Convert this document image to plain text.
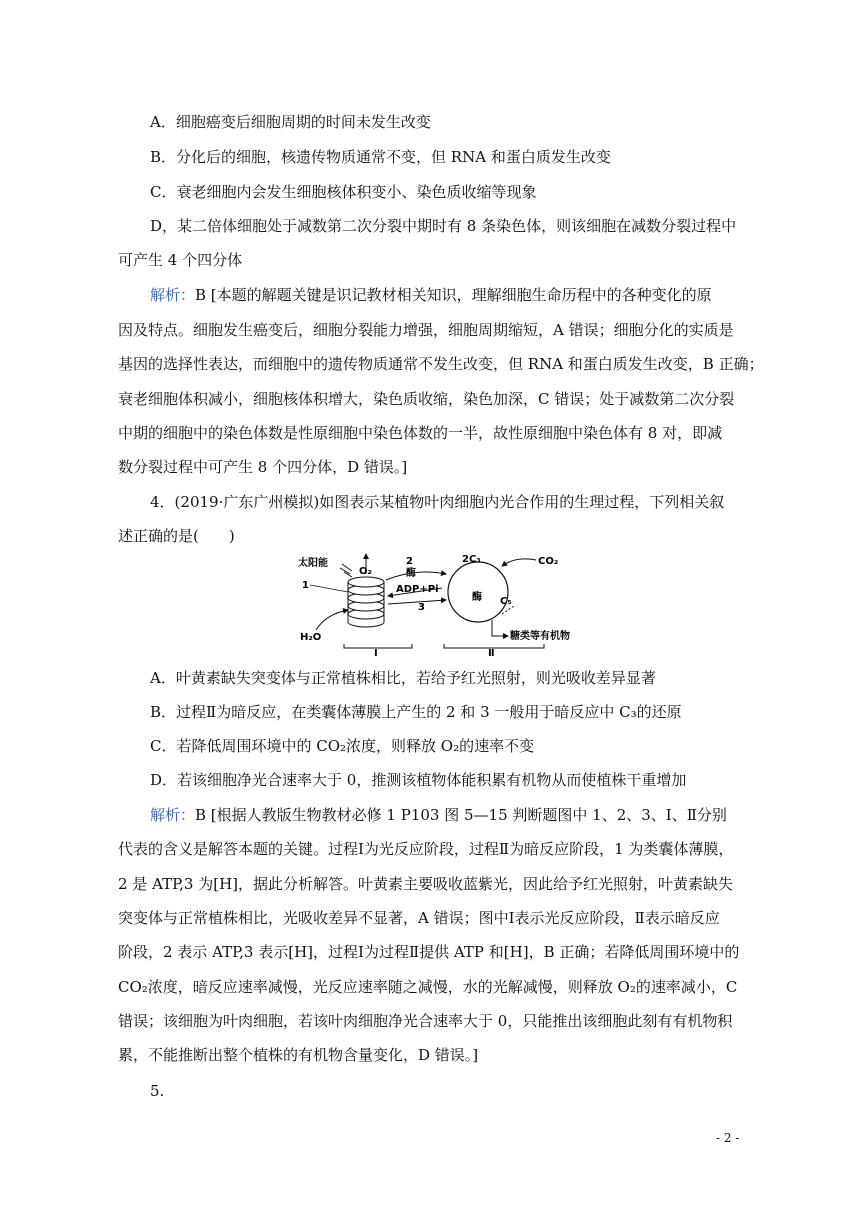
A．细胞癌变后细胞周期的时间未发生改变
B．分化后的细胞，核遗传物质通常不变，但 RNA 和蛋白质发生改变
C．衰老细胞内会发生细胞核体积变小、染色质收缩等现象
D，某二倍体细胞处于减数第二次分裂中期时有 8 条染色体，则该细胞在减数分裂过程中
可产生 4 个四分体
解析：B [本题的解题关键是识记教材相关知识，理解细胞生命历程中的各种变化的原
因及特点。细胞发生癌变后，细胞分裂能力增强，细胞周期缩短，A 错误；细胞分化的实质是
基因的选择性表达，而细胞中的遗传物质通常不发生改变，但 RNA 和蛋白质发生改变，B 正确；
衰老细胞体积减小，细胞核体积增大，染色质收缩，染色加深，C 错误；处于减数第二次分裂
中期的细胞中的染色体数是性原细胞中染色体数的一半，故性原细胞中染色体有 8 对，即减
数分裂过程中可产生 8 个四分体，D 错误。]
4．(2019·广东广州模拟)如图表示某植物叶肉细胞内光合作用的生理过程，下列相关叙
述正确的是(　　)
太阳能
O₂
1
H₂O
2
酶
ADP+Pi
3
2C₃
酶 C₅
CO₂
糖类等有机物
Ⅰ	Ⅱ
A．叶黄素缺失突变体与正常植株相比，若给予红光照射，则光吸收差异显著
B．过程Ⅱ为暗反应，在类囊体薄膜上产生的 2 和 3 一般用于暗反应中 C₃的还原
C．若降低周围环境中的 CO₂浓度，则释放 O₂的速率不变
D．若该细胞净光合速率大于 0，推测该植物体能积累有机物从而使植株干重增加
解析：B [根据人教版生物教材必修 1 P103 图 5—15 判断题图中 1、2、3、Ⅰ、Ⅱ分别
代表的含义是解答本题的关键。过程Ⅰ为光反应阶段，过程Ⅱ为暗反应阶段，1 为类囊体薄膜，
2 是 ATP,3 为[H]，据此分析解答。叶黄素主要吸收蓝紫光，因此给予红光照射，叶黄素缺失
突变体与正常植株相比，光吸收差异不显著，A 错误；图中Ⅰ表示光反应阶段，Ⅱ表示暗反应
阶段，2 表示 ATP,3 表示[H]，过程Ⅰ为过程Ⅱ提供 ATP 和[H]，B 正确；若降低周围环境中的
CO₂浓度，暗反应速率减慢，光反应速率随之减慢，水的光解减慢，则释放 O₂的速率减小，C
错误；该细胞为叶肉细胞，若该叶肉细胞净光合速率大于 0，只能推出该细胞此刻有有机物积
累，不能推断出整个植株的有机物含量变化，D 错误。]
5.
- 2 -
